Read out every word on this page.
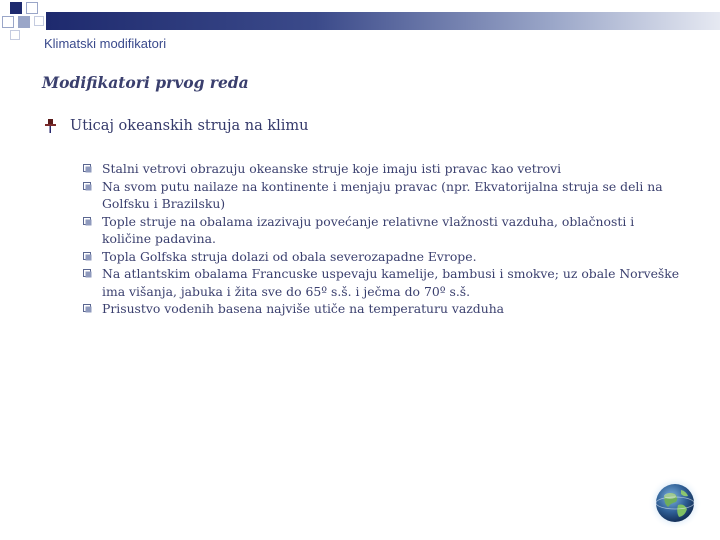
Klimatski modifikatori
Modifikatori prvog reda
Uticaj okeanskih struja na klimu
Stalni vetrovi obrazuju okeanske struje koje imaju isti pravac kao vetrovi
Na svom putu nailaze na kontinente i menjaju pravac (npr. Ekvatorijalna struja se deli na Golfsku i Brazilsku)
Tople struje na obalama izazivaju povećanje relativne vlažnosti vazduha, oblačnosti i količine padavina.
Topla Golfska struja dolazi od obala severozapadne Evrope.
Na atlantskim obalama Francuske uspevaju kamelije, bambusi i smokve; uz obale Norveške ima višanja, jabuka i žita sve do 65º s.š. i ječma do 70º s.š.
Prisustvo vodenih basena najviše utiče na temperaturu vazduha
